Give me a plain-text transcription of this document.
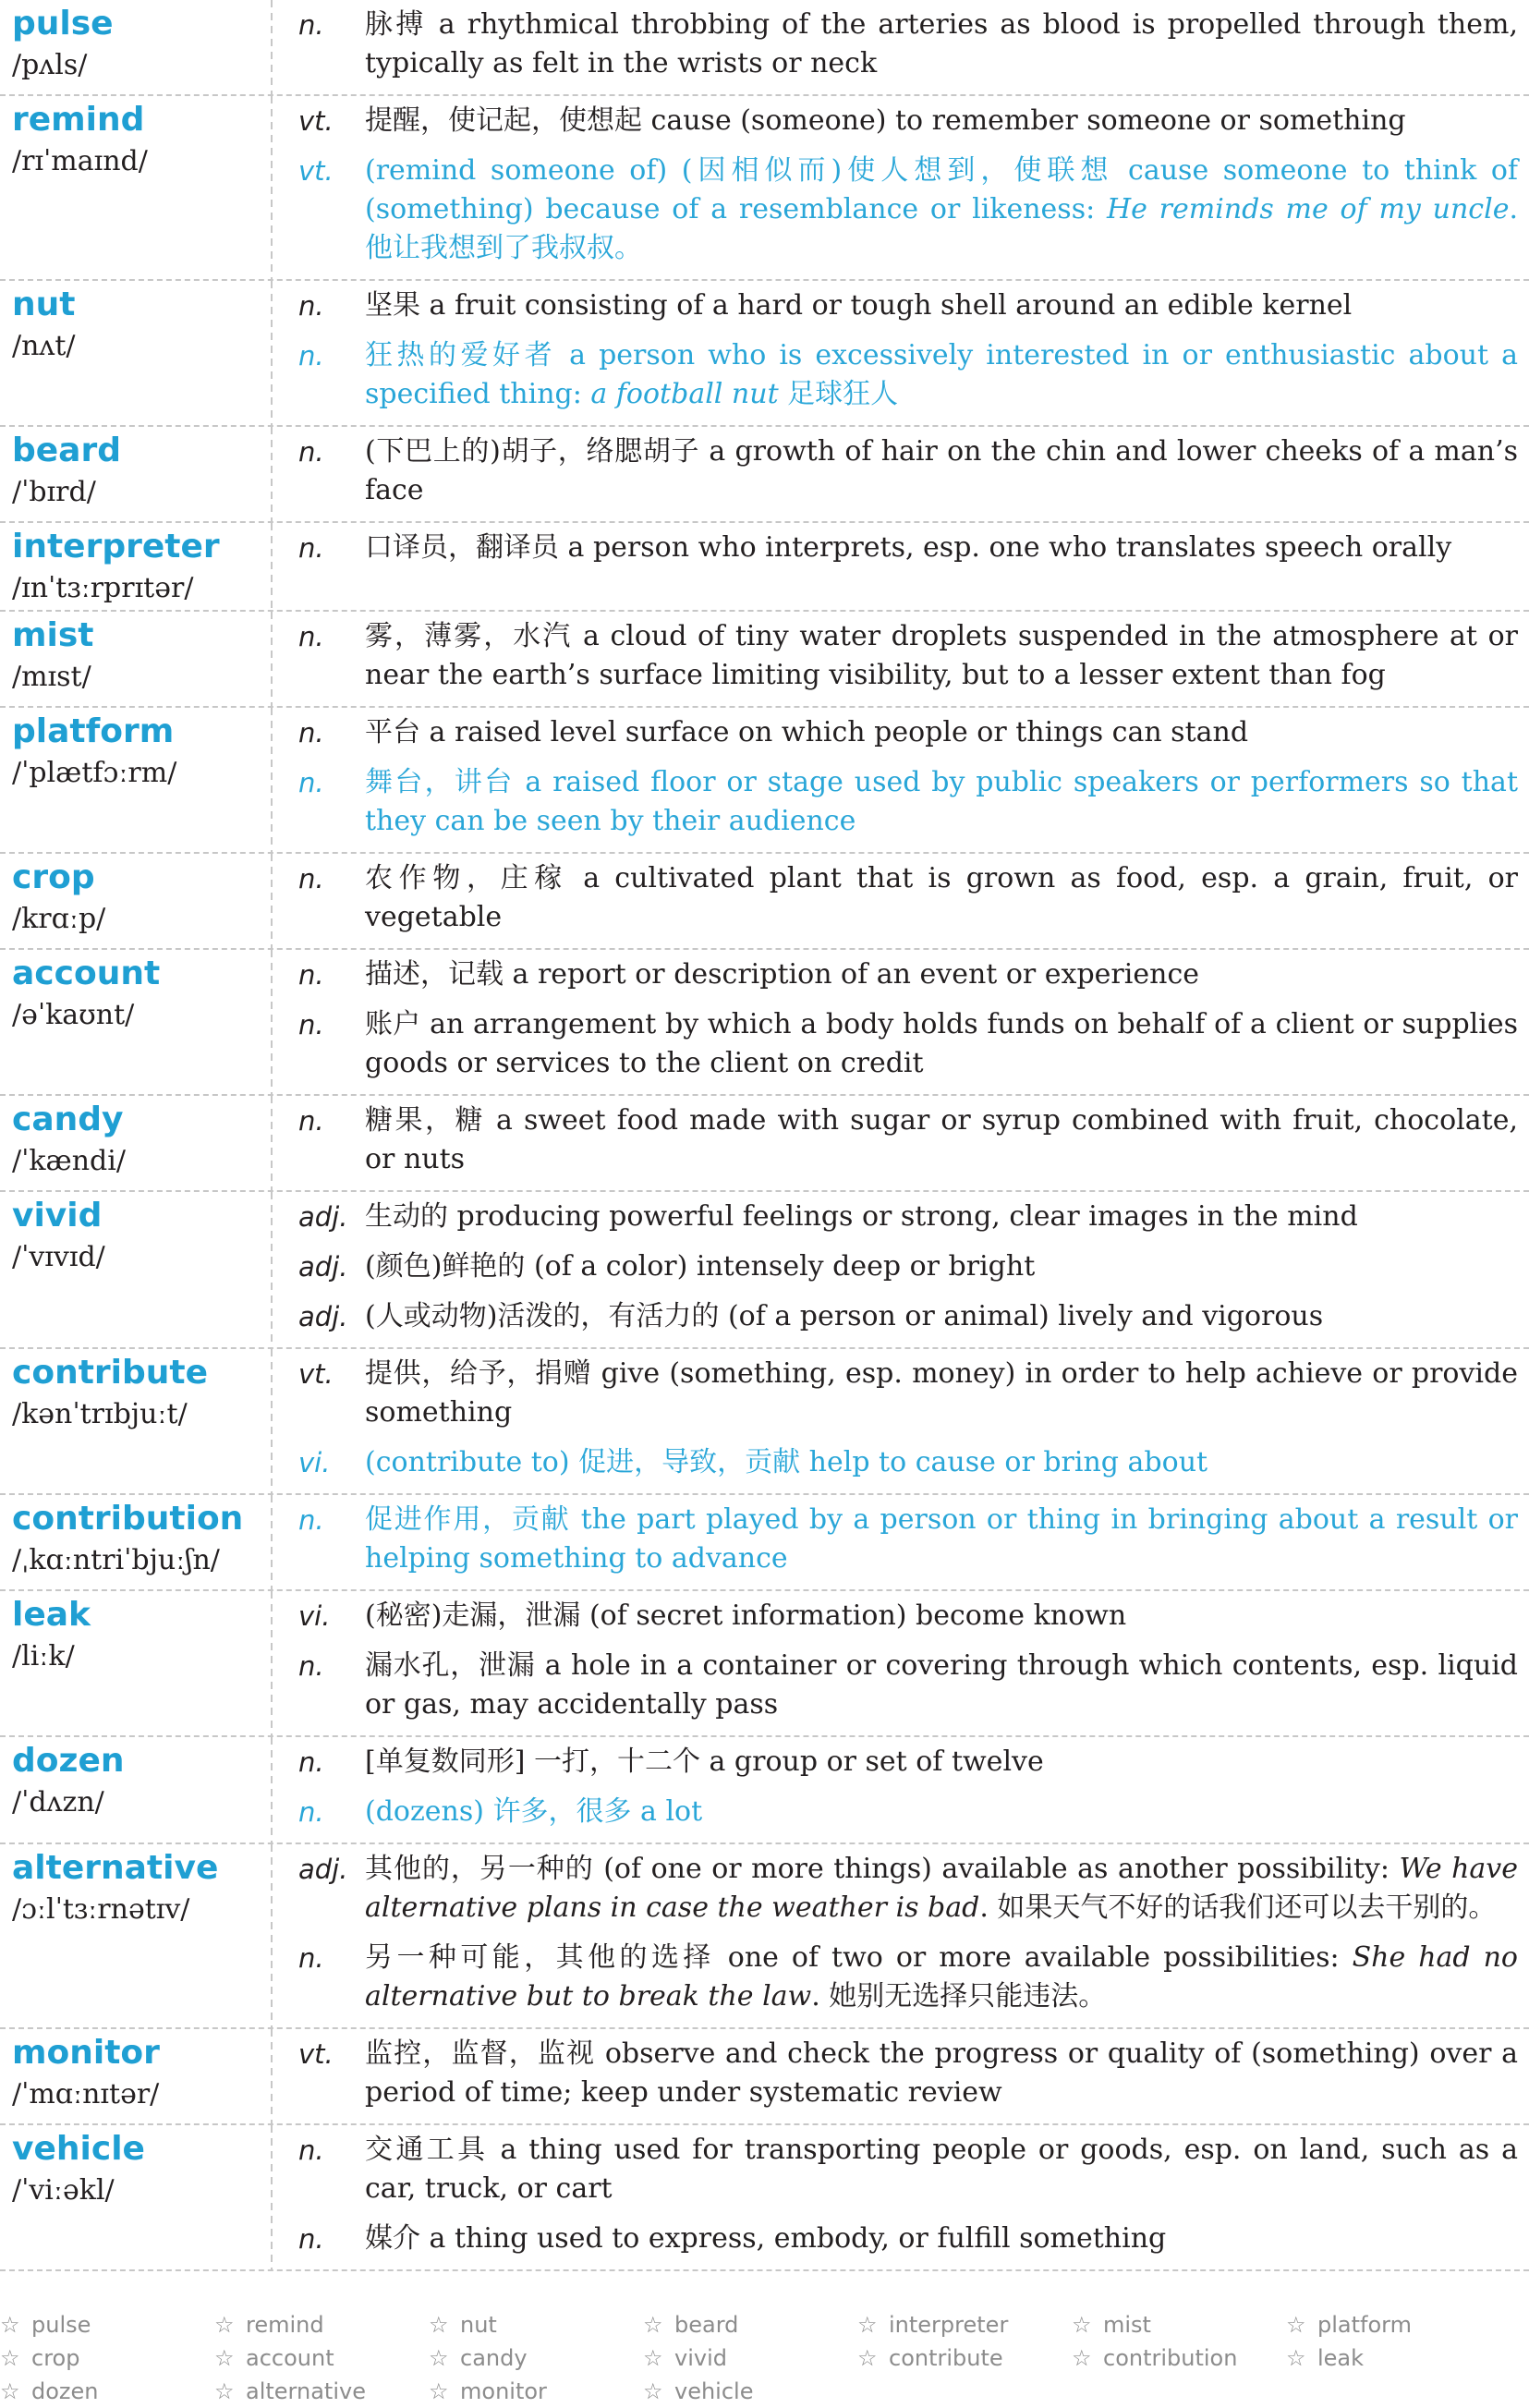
pulse
/pʌls/
n.	脉搏 a rhythmical throbbing of the arteries as blood is propelled through them, typically as felt in the wrists or neck
remind
/rɪˈmaɪnd/
vt.	提醒，使记起，使想起 cause (someone) to remember someone or something
vt.	(remind someone of) (因相似而)使人想到，使联想 cause someone to think of (something) because of a resemblance or likeness: He reminds me of my uncle. 他让我想到了我叔叔。
nut
/nʌt/
n.	坚果 a fruit consisting of a hard or tough shell around an edible kernel
n.	狂热的爱好者 a person who is excessively interested in or enthusiastic about a specified thing: a football nut 足球狂人
beard
/ˈbɪrd/
n.	(下巴上的)胡子，络腮胡子 a growth of hair on the chin and lower cheeks of a man’s face
interpreter
/ɪnˈtɜːrprɪtər/
n.	口译员，翻译员 a person who interprets, esp. one who translates speech orally
mist
/mɪst/
n.	雾，薄雾，水汽 a cloud of tiny water droplets suspended in the atmosphere at or near the earth’s surface limiting visibility, but to a lesser extent than fog
platform
/ˈplætfɔːrm/
n.	平台 a raised level surface on which people or things can stand
n.	舞台，讲台 a raised floor or stage used by public speakers or performers so that they can be seen by their audience
crop
/krɑːp/
n.	农作物，庄稼 a cultivated plant that is grown as food, esp. a grain, fruit, or vegetable
account
/əˈkaʊnt/
n.	描述，记载 a report or description of an event or experience
n.	账户 an arrangement by which a body holds funds on behalf of a client or supplies goods or services to the client on credit
candy
/ˈkændi/
n.	糖果，糖 a sweet food made with sugar or syrup combined with fruit, chocolate, or nuts
vivid
/ˈvɪvɪd/
adj. 生动的 producing powerful feelings or strong, clear images in the mind
adj. (颜色)鲜艳的 (of a color) intensely deep or bright
adj. (人或动物)活泼的，有活力的 (of a person or animal) lively and vigorous
contribute
/kənˈtrɪbjuːt/
vt.	提供，给予，捐赠 give (something, esp. money) in order to help achieve or provide something
vi.	(contribute to) 促进，导致，贡献 help to cause or bring about
contribution
/ˌkɑːntriˈbjuːʃn/
n.	促进作用，贡献 the part played by a person or thing in bringing about a result or helping something to advance
leak
/liːk/
vi.	(秘密)走漏，泄漏 (of secret information) become known
n.	漏水孔，泄漏 a hole in a container or covering through which contents, esp. liquid or gas, may accidentally pass
dozen
/ˈdʌzn/
n.	[单复数同形] 一打，十二个 a group or set of twelve
n.	(dozens) 许多，很多 a lot
alternative
/ɔːlˈtɜːrnətɪv/
adj. 其他的，另一种的 (of one or more things) available as another possibility: We have alternative plans in case the weather is bad. 如果天气不好的话我们还可以去干别的。
n.	另一种可能，其他的选择 one of two or more available possibilities: She had no alternative but to break the law. 她别无选择只能违法。
monitor
/ˈmɑːnɪtər/
vt.	监控，监督，监视 observe and check the progress or quality of (something) over a period of time; keep under systematic review
vehicle
/ˈviːəkl/
n.	交通工具 a thing used for transporting people or goods, esp. on land, such as a car, truck, or cart
n.	媒介 a thing used to express, embody, or fulfill something
☆ pulse	☆ remind	☆ nut	☆ beard	☆ interpreter	☆ mist	☆ platform
☆ crop	☆ account	☆ candy	☆ vivid	☆ contribute	☆ contribution	☆ leak
☆ dozen	☆ alternative	☆ monitor	☆ vehicle
